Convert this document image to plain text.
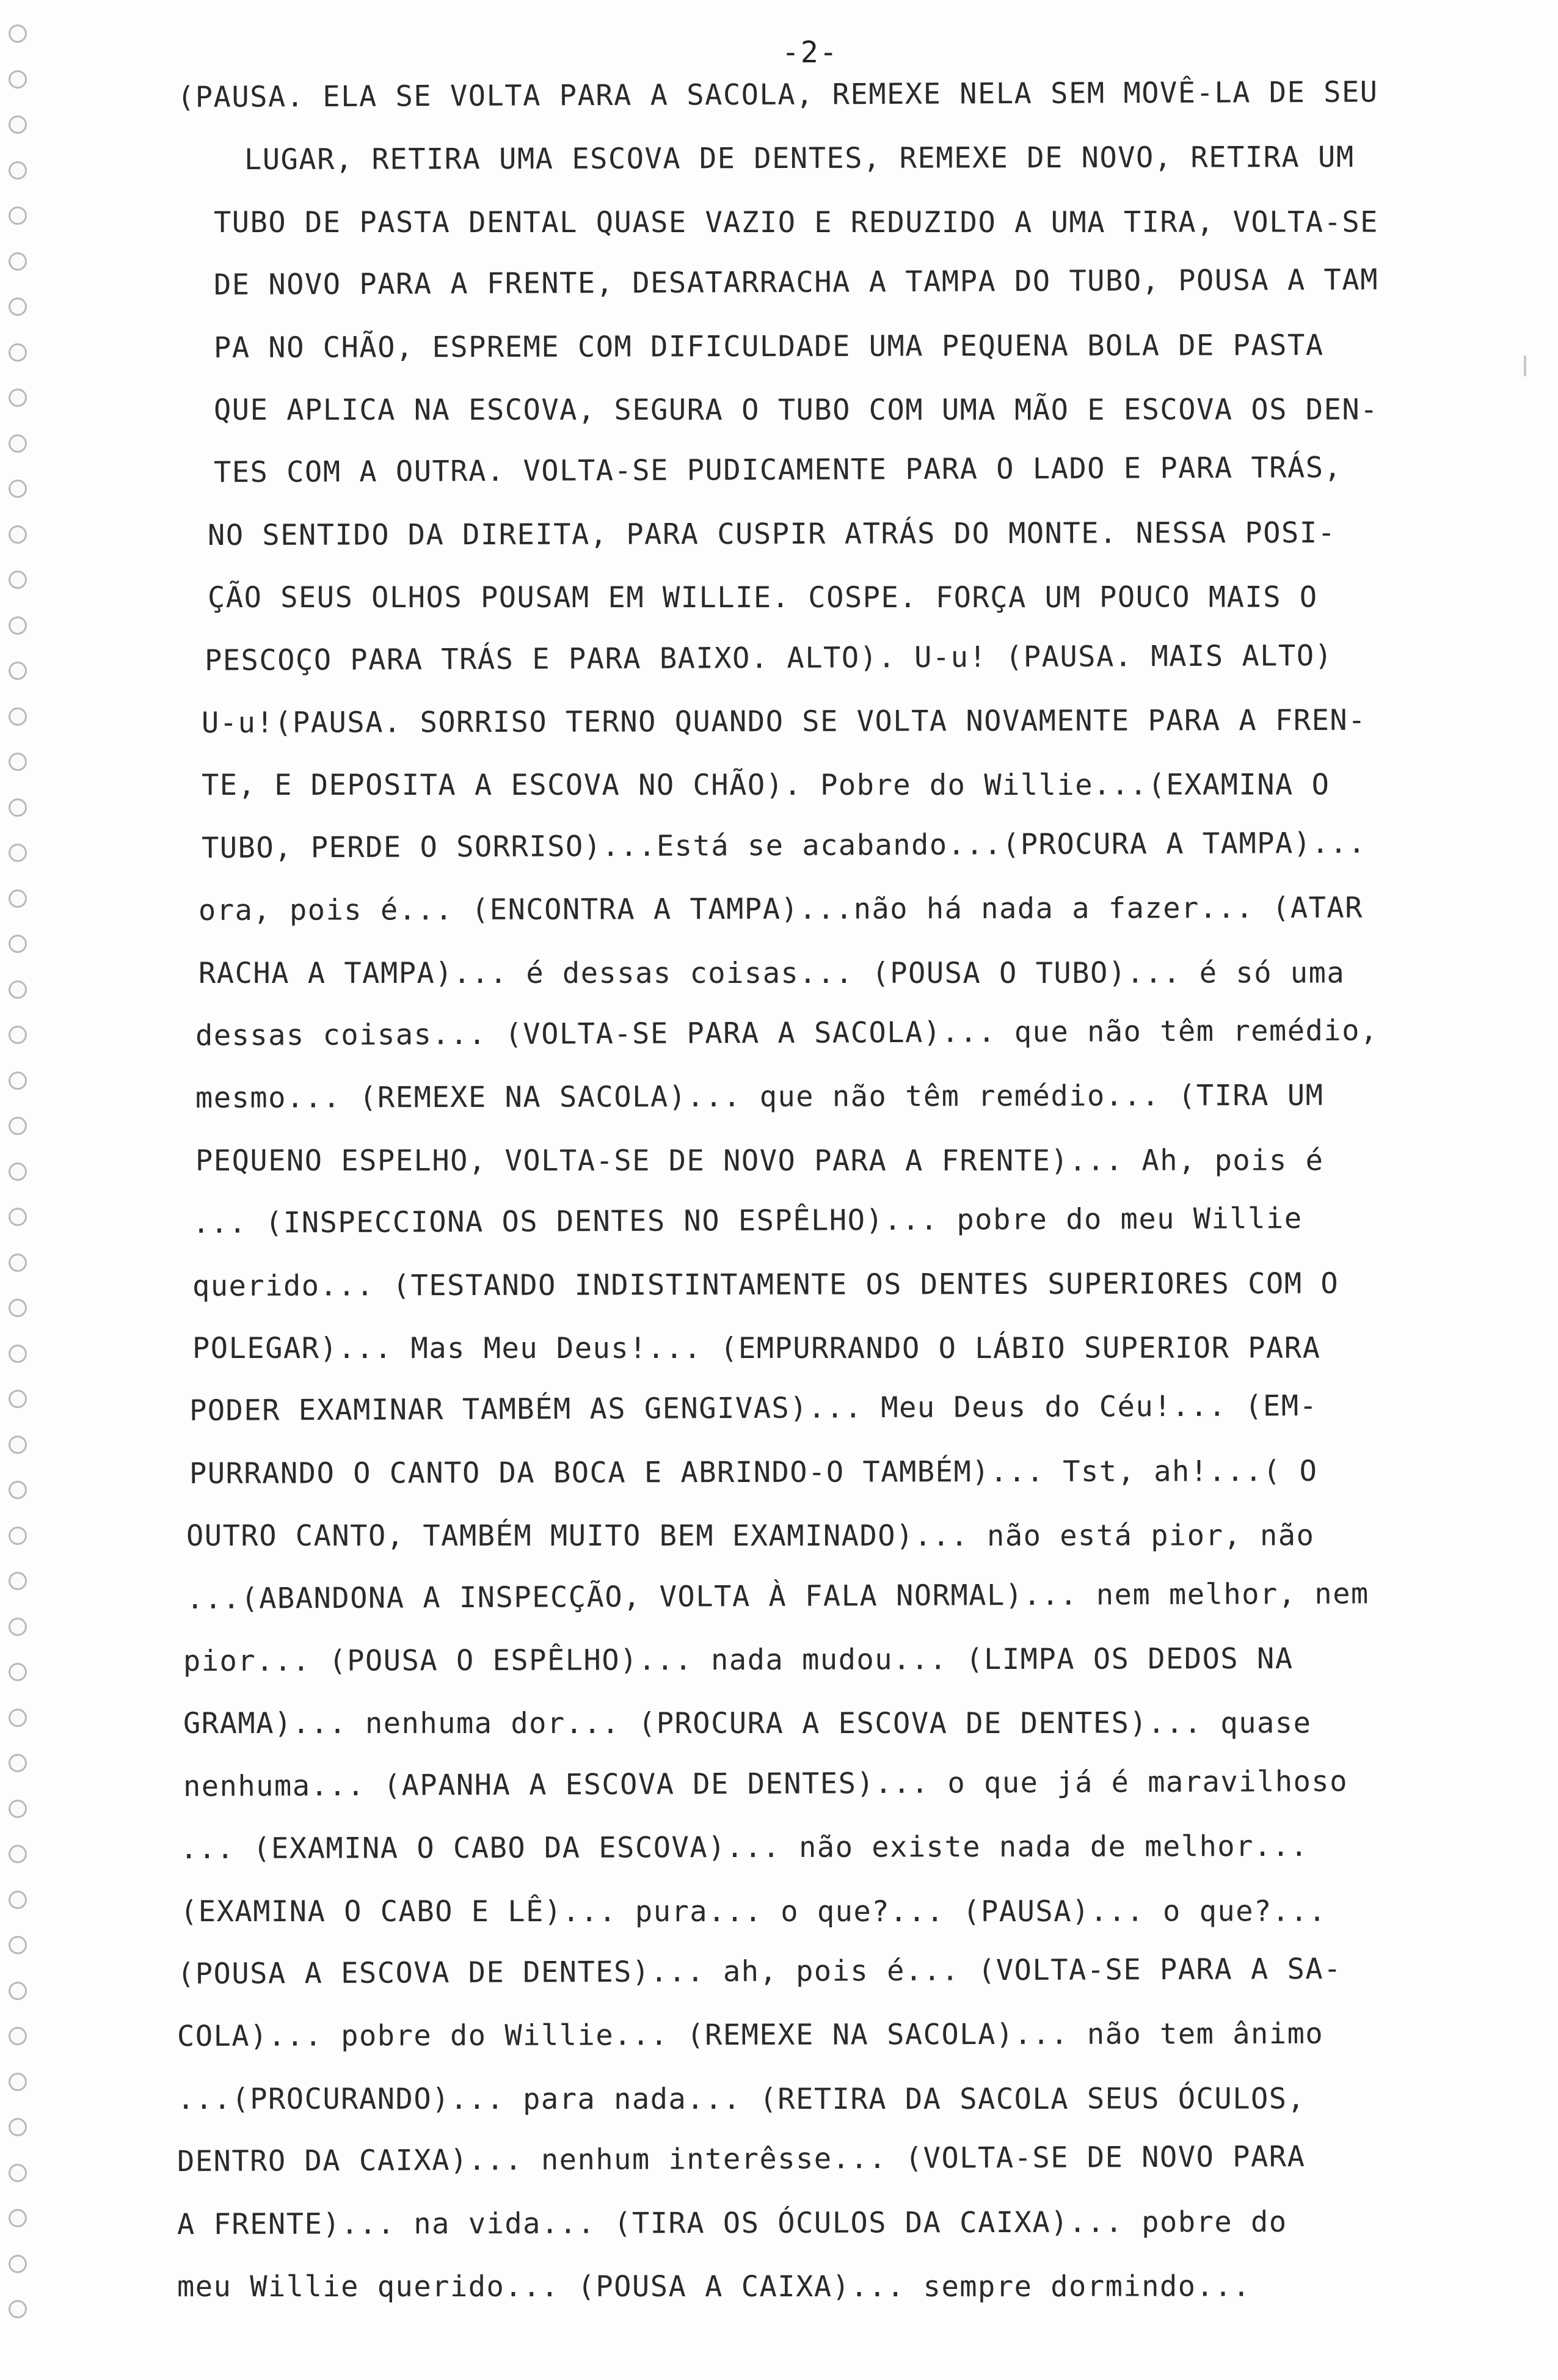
-2-
(PAUSA. ELA SE VOLTA PARA A SACOLA, REMEXE NELA SEM MOVÊ-LA DE SEU
LUGAR, RETIRA UMA ESCOVA DE DENTES, REMEXE DE NOVO, RETIRA UM
TUBO DE PASTA DENTAL QUASE VAZIO E REDUZIDO A UMA TIRA, VOLTA-SE
DE NOVO PARA A FRENTE, DESATARRACHA A TAMPA DO TUBO, POUSA A TAM
PA NO CHÃO, ESPREME COM DIFICULDADE UMA PEQUENA BOLA DE PASTA
QUE APLICA NA ESCOVA, SEGURA O TUBO COM UMA MÃO E ESCOVA OS DEN-
TES COM A OUTRA. VOLTA-SE PUDICAMENTE PARA O LADO E PARA TRÁS,
NO SENTIDO DA DIREITA, PARA CUSPIR ATRÁS DO MONTE. NESSA POSI-
ÇÃO SEUS OLHOS POUSAM EM WILLIE. COSPE. FORÇA UM POUCO MAIS O
PESCOÇO PARA TRÁS E PARA BAIXO. ALTO). U-u! (PAUSA. MAIS ALTO)
U-u!(PAUSA. SORRISO TERNO QUANDO SE VOLTA NOVAMENTE PARA A FREN-
TE, E DEPOSITA A ESCOVA NO CHÃO). Pobre do Willie...(EXAMINA O
TUBO, PERDE O SORRISO)...Está se acabando...(PROCURA A TAMPA)...
ora, pois é... (ENCONTRA A TAMPA)...não há nada a fazer... (ATAR
RACHA A TAMPA)... é dessas coisas... (POUSA O TUBO)... é só uma
dessas coisas... (VOLTA-SE PARA A SACOLA)... que não têm remédio,
mesmo... (REMEXE NA SACOLA)... que não têm remédio... (TIRA UM
PEQUENO ESPELHO, VOLTA-SE DE NOVO PARA A FRENTE)... Ah, pois é
... (INSPECCIONA OS DENTES NO ESPÊLHO)... pobre do meu Willie
querido... (TESTANDO INDISTINTAMENTE OS DENTES SUPERIORES COM O
POLEGAR)... Mas Meu Deus!... (EMPURRANDO O LÁBIO SUPERIOR PARA
PODER EXAMINAR TAMBÉM AS GENGIVAS)... Meu Deus do Céu!... (EM-
PURRANDO O CANTO DA BOCA E ABRINDO-O TAMBÉM)... Tst, ah!...( O
OUTRO CANTO, TAMBÉM MUITO BEM EXAMINADO)... não está pior, não
...(ABANDONA A INSPECÇÃO, VOLTA À FALA NORMAL)... nem melhor, nem
pior... (POUSA O ESPÊLHO)... nada mudou... (LIMPA OS DEDOS NA
GRAMA)... nenhuma dor... (PROCURA A ESCOVA DE DENTES)... quase
nenhuma... (APANHA A ESCOVA DE DENTES)... o que já é maravilhoso
... (EXAMINA O CABO DA ESCOVA)... não existe nada de melhor...
(EXAMINA O CABO E LÊ)... pura... o que?... (PAUSA)... o que?...
(POUSA A ESCOVA DE DENTES)... ah, pois é... (VOLTA-SE PARA A SA-
COLA)... pobre do Willie... (REMEXE NA SACOLA)... não tem ânimo
...(PROCURANDO)... para nada... (RETIRA DA SACOLA SEUS ÓCULOS,
DENTRO DA CAIXA)... nenhum interêsse... (VOLTA-SE DE NOVO PARA
A FRENTE)... na vida... (TIRA OS ÓCULOS DA CAIXA)... pobre do
meu Willie querido... (POUSA A CAIXA)... sempre dormindo...
